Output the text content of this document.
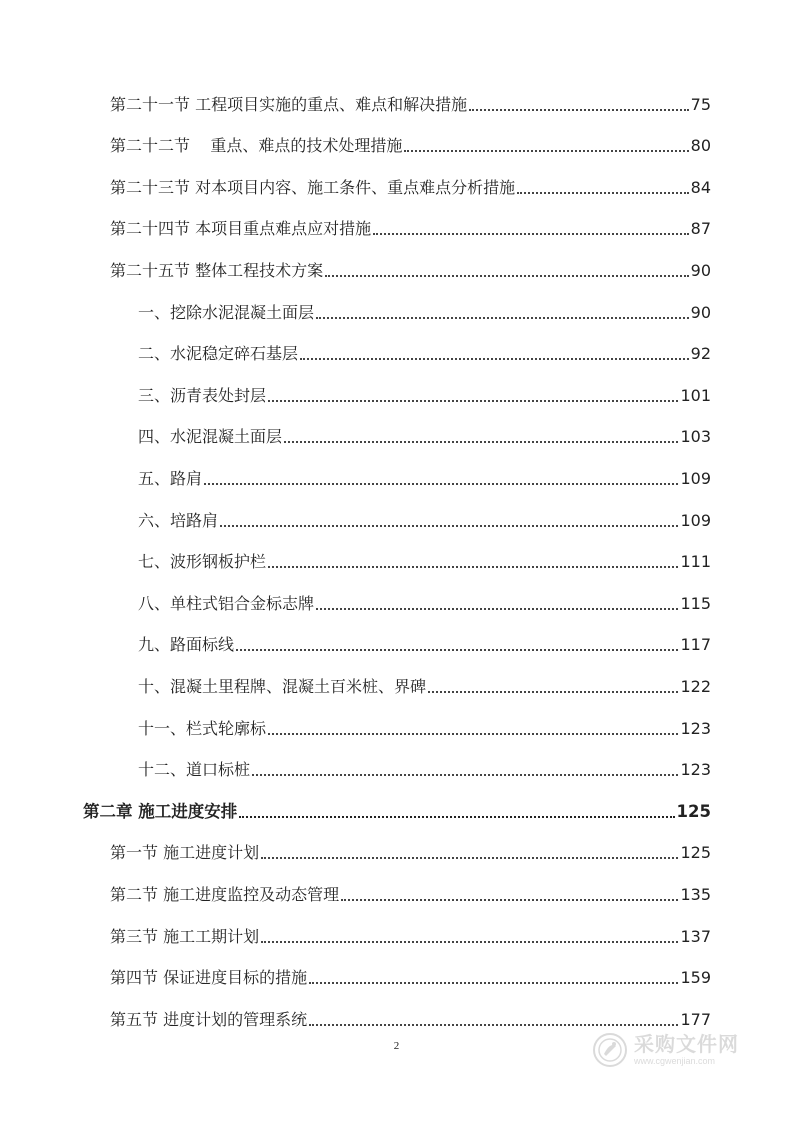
第二十一节 工程项目实施的重点、难点和解决措施	75
第二十二节    重点、难点的技术处理措施	80
第二十三节 对本项目内容、施工条件、重点难点分析措施	84
第二十四节 本项目重点难点应对措施	87
第二十五节 整体工程技术方案	90
一、挖除水泥混凝土面层	90
二、水泥稳定碎石基层	92
三、沥青表处封层	101
四、水泥混凝土面层	103
五、路肩	109
六、培路肩	109
七、波形钢板护栏	111
八、单柱式铝合金标志牌	115
九、路面标线	117
十、混凝土里程牌、混凝土百米桩、界碑	122
十一、栏式轮廓标	123
十二、道口标桩	123
第二章 施工进度安排	125
第一节 施工进度计划	125
第二节 施工进度监控及动态管理	135
第三节 施工工期计划	137
第四节 保证进度目标的措施	159
第五节 进度计划的管理系统	177
2	采购文件网
www.cgwenjian.com
